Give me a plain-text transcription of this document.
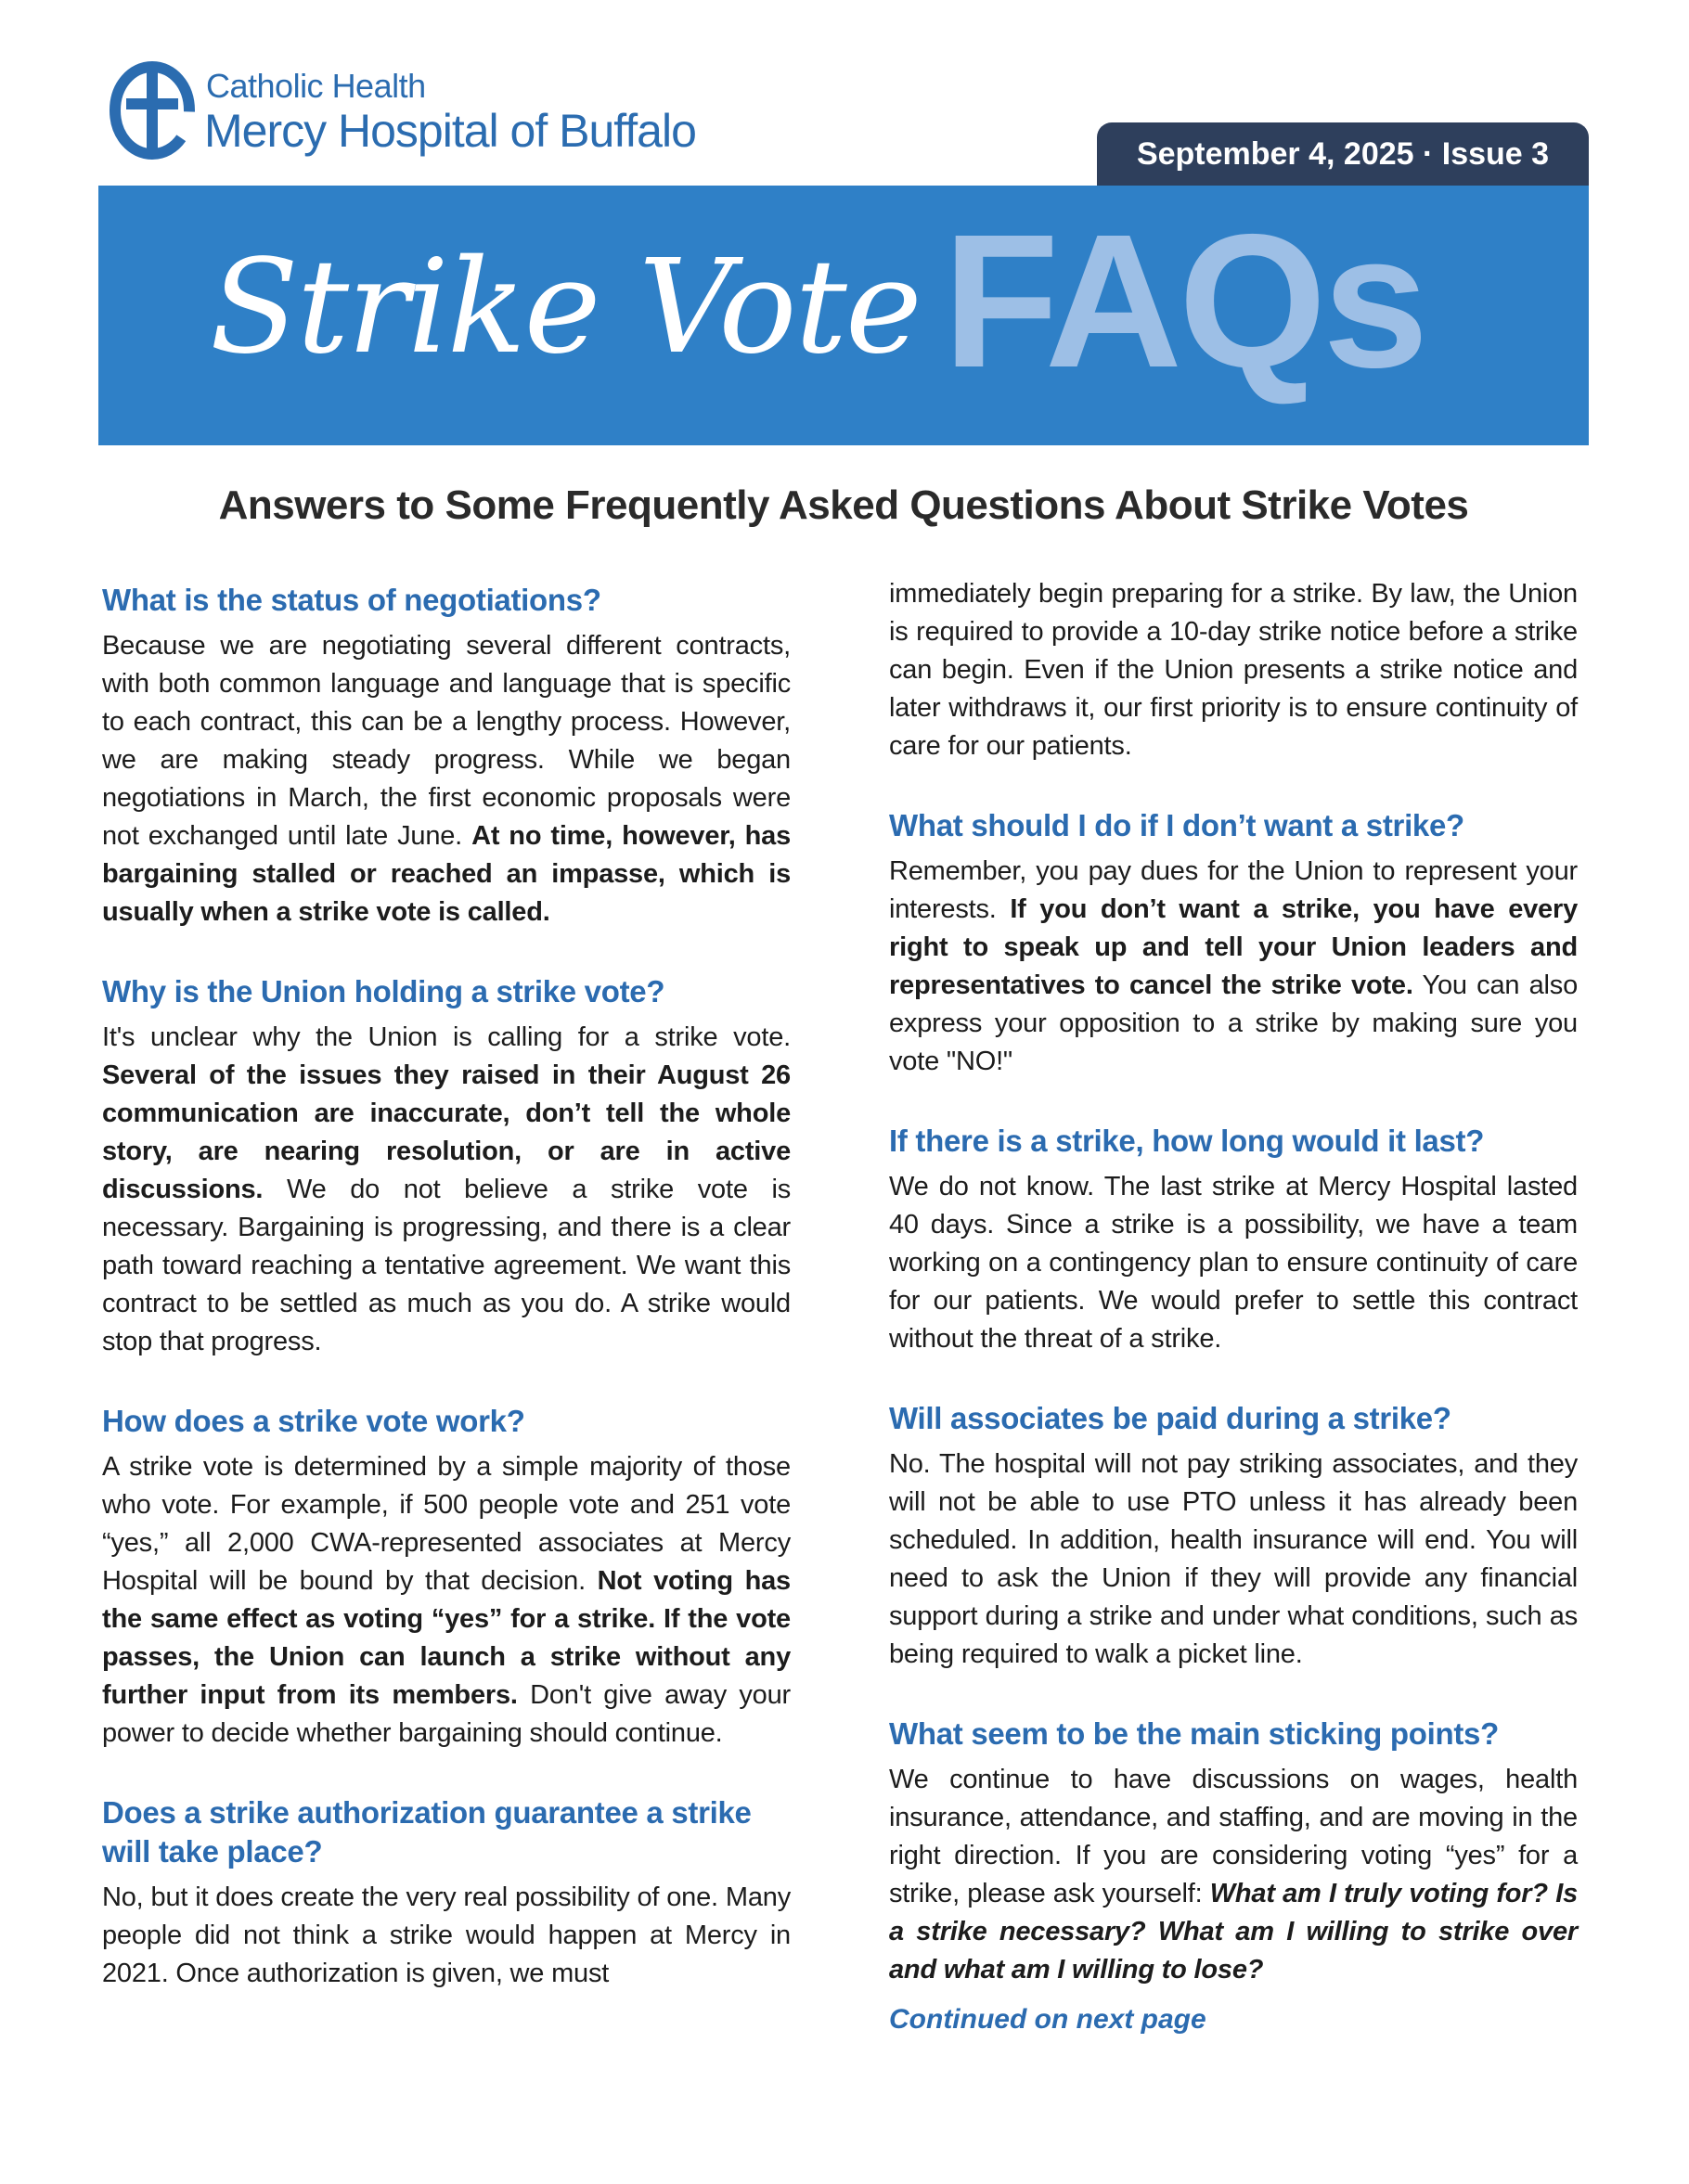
Catholic Health
Mercy Hospital of Buffalo	September 4, 2025 · Issue 3
FAQs
Strike Vote
Answers to Some Frequently Asked Questions About Strike Votes
What is the status of negotiations?
Because we are negotiating several different contracts, with both common language and language that is specific to each contract, this can be a lengthy process. However, we are making steady progress. While we began negotiations in March, the first economic proposals were not exchanged until late June. At no time, however, has bargaining stalled or reached an impasse, which is usually when a strike vote is called.
Why is the Union holding a strike vote?
It's unclear why the Union is calling for a strike vote. Several of the issues they raised in their August 26 communication are inaccurate, don’t tell the whole story, are nearing resolution, or are in active discussions. We do not believe a strike vote is necessary. Bargaining is progressing, and there is a clear path toward reaching a tentative agreement. We want this contract to be settled as much as you do. A strike would stop that progress.
How does a strike vote work?
A strike vote is determined by a simple majority of those who vote. For example, if 500 people vote and 251 vote “yes,” all 2,000 CWA-represented associates at Mercy Hospital will be bound by that decision. Not voting has the same effect as voting “yes” for a strike. If the vote passes, the Union can launch a strike without any further input from its members. Don't give away your power to decide whether bargaining should continue.
Does a strike authorization guarantee a strike will take place?
No, but it does create the very real possibility of one. Many people did not think a strike would happen at Mercy in 2021. Once authorization is given, we must
immediately begin preparing for a strike. By law, the Union is required to provide a 10-day strike notice before a strike can begin. Even if the Union presents a strike notice and later withdraws it, our first priority is to ensure continuity of care for our patients.
What should I do if I don’t want a strike?
Remember, you pay dues for the Union to represent your interests. If you don’t want a strike, you have every right to speak up and tell your Union leaders and representatives to cancel the strike vote. You can also express your opposition to a strike by making sure you vote "NO!"
If there is a strike, how long would it last?
We do not know. The last strike at Mercy Hospital lasted 40 days. Since a strike is a possibility, we have a team working on a contingency plan to ensure continuity of care for our patients. We would prefer to settle this contract without the threat of a strike.
Will associates be paid during a strike?
No. The hospital will not pay striking associates, and they will not be able to use PTO unless it has already been scheduled. In addition, health insurance will end. You will need to ask the Union if they will provide any financial support during a strike and under what conditions, such as being required to walk a picket line.
What seem to be the main sticking points?
We continue to have discussions on wages, health insurance, attendance, and staffing, and are moving in the right direction. If you are considering voting “yes” for a strike, please ask yourself: What am I truly voting for? Is a strike necessary? What am I willing to strike over and what am I willing to lose?
Continued on next page
